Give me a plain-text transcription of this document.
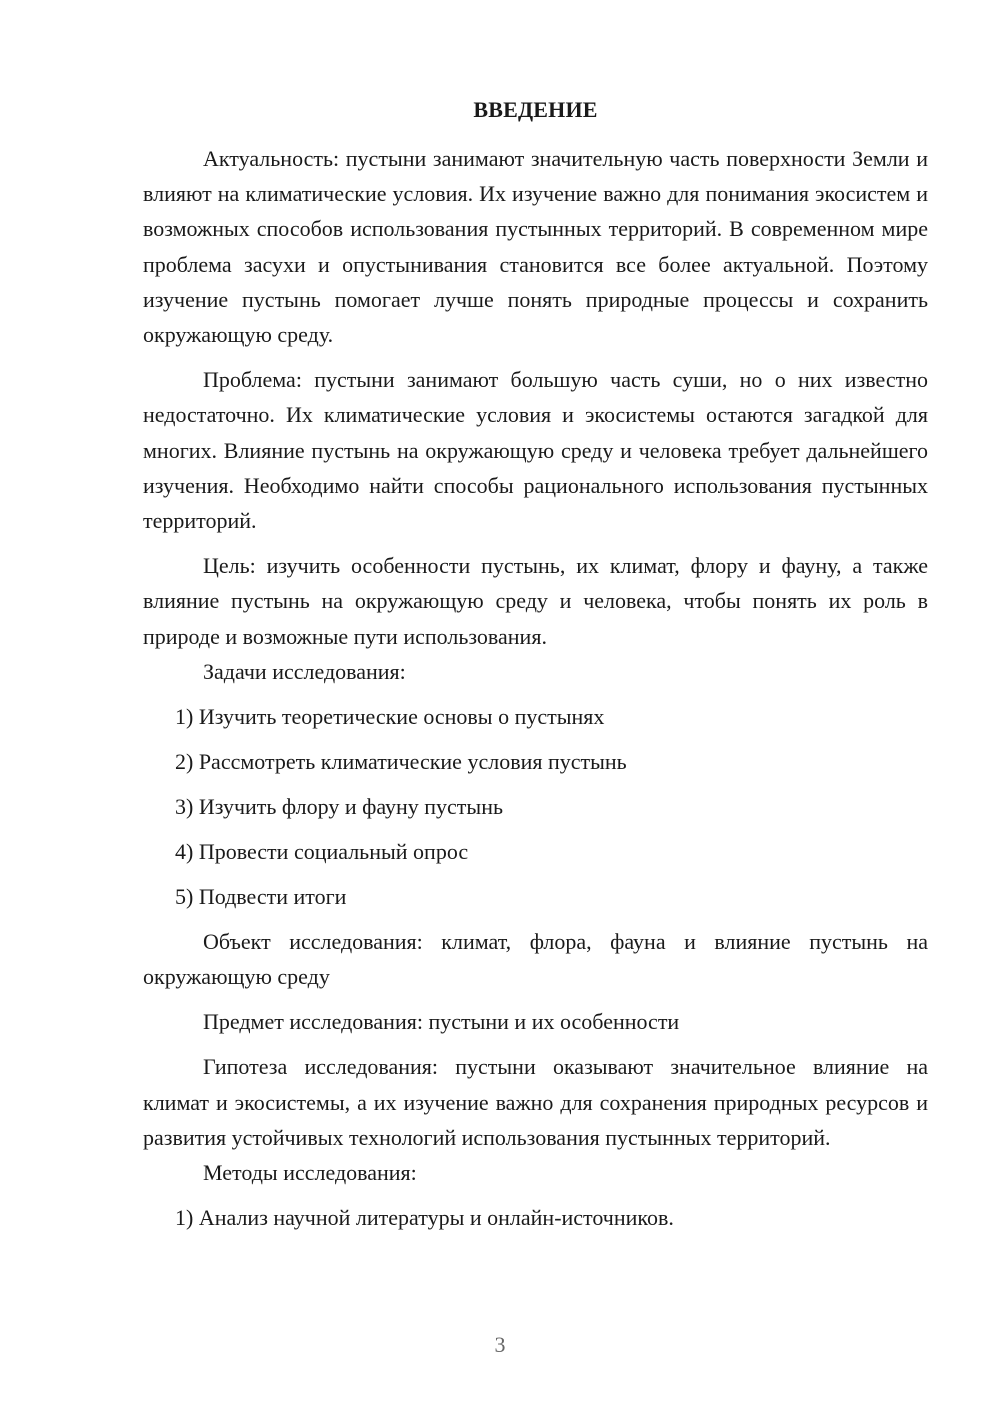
ВВЕДЕНИЕ

Актуальность: пустыни занимают значительную часть поверхности Земли и влияют на климатические условия. Их изучение важно для понимания экосистем и возможных способов использования пустынных территорий. В современном мире проблема засухи и опустынивания становится все более актуальной. Поэтому изучение пустынь помогает лучше понять природные процессы и сохранить окружающую среду.

Проблема: пустыни занимают большую часть суши, но о них известно недостаточно. Их климатические условия и экосистемы остаются загадкой для многих. Влияние пустынь на окружающую среду и человека требует дальнейшего изучения. Необходимо найти способы рационального использования пустынных территорий.

Цель: изучить особенности пустынь, их климат, флору и фауну, а также влияние пустынь на окружающую среду и человека, чтобы понять их роль в природе и возможные пути использования.

Задачи исследования:

1) Изучить теоретические основы о пустынях

2) Рассмотреть климатические условия пустынь

3) Изучить флору и фауну пустынь

4) Провести социальный опрос

5) Подвести итоги

Объект исследования: климат, флора, фауна и влияние пустынь на окружающую среду

Предмет исследования: пустыни и их особенности

Гипотеза исследования: пустыни оказывают значительное влияние на климат и экосистемы, а их изучение важно для сохранения природных ресурсов и развития устойчивых технологий использования пустынных территорий.

Методы исследования:

1) Анализ научной литературы и онлайн-источников.

3
